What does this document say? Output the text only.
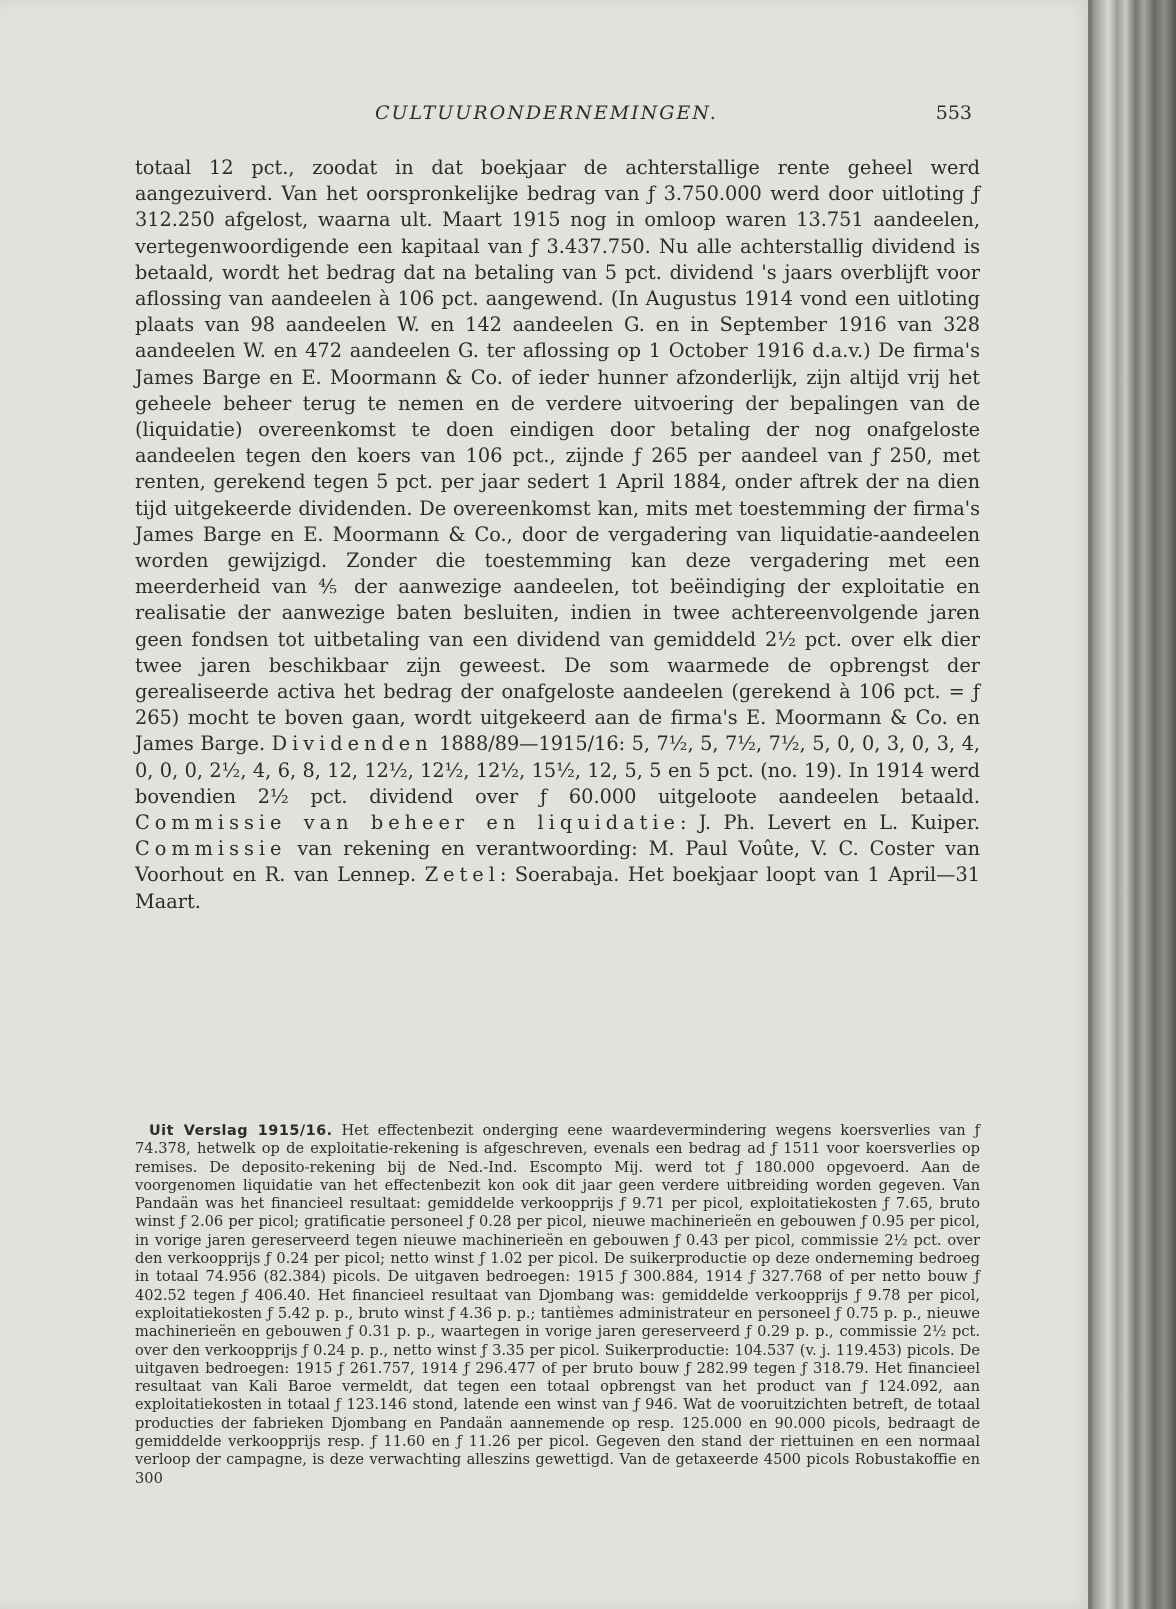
CULTUURONDERNEMINGEN.	553

totaal 12 pct., zoodat in dat boekjaar de achterstallige rente geheel werd aangezuiverd. Van het oorspronkelijke bedrag van ƒ 3.750.000 werd door uitloting ƒ 312.250 afgelost, waarna ult. Maart 1915 nog in omloop waren 13.751 aandeelen, vertegenwoordigende een kapitaal van ƒ 3.437.750. Nu alle achterstallig dividend is betaald, wordt het bedrag dat na betaling van 5 pct. dividend 's jaars overblijft voor aflossing van aandeelen à 106 pct. aangewend. (In Augustus 1914 vond een uitloting plaats van 98 aandeelen W. en 142 aandeelen G. en in September 1916 van 328 aandeelen W. en 472 aandeelen G. ter aflossing op 1 October 1916 d.a.v.) De firma's James Barge en E. Moormann & Co. of ieder hunner afzonderlijk, zijn altijd vrij het geheele beheer terug te nemen en de verdere uitvoering der bepalingen van de (liquidatie) overeenkomst te doen eindigen door betaling der nog onafgeloste aandeelen tegen den koers van 106 pct., zijnde ƒ 265 per aandeel van ƒ 250, met renten, gerekend tegen 5 pct. per jaar sedert 1 April 1884, onder aftrek der na dien tijd uitgekeerde dividenden. De overeenkomst kan, mits met toestemming der firma's James Barge en E. Moormann & Co., door de vergadering van liquidatie-aandeelen worden gewijzigd. Zonder die toestemming kan deze vergadering met een meerderheid van ⅘ der aanwezige aandeelen, tot beëindiging der exploitatie en realisatie der aanwezige baten besluiten, indien in twee achtereenvolgende jaren geen fondsen tot uitbetaling van een dividend van gemiddeld 2½ pct. over elk dier twee jaren beschikbaar zijn geweest. De som waarmede de opbrengst der gerealiseerde activa het bedrag der onafgeloste aandeelen (gerekend à 106 pct. = ƒ 265) mocht te boven gaan, wordt uitgekeerd aan de firma's E. Moormann & Co. en James Barge. Dividenden 1888/89—1915/16: 5, 7½, 5, 7½, 7½, 5, 0, 0, 3, 0, 3, 4, 0, 0, 0, 2½, 4, 6, 8, 12, 12½, 12½, 12½, 15½, 12, 5, 5 en 5 pct. (no. 19). In 1914 werd bovendien 2½ pct. dividend over ƒ 60.000 uitgeloote aandeelen betaald. Commissie van beheer en liquidatie: J. Ph. Levert en L. Kuiper. Commissie van rekening en verantwoording: M. Paul Voûte, V. C. Coster van Voorhout en R. van Lennep. Zetel: Soerabaja. Het boekjaar loopt van 1 April—31 Maart.

Uit Verslag 1915/16. Het effectenbezit onderging eene waardevermindering wegens koersverlies van ƒ 74.378, hetwelk op de exploitatie-rekening is afgeschreven, evenals een bedrag ad ƒ 1511 voor koersverlies op remises. De deposito-rekening bij de Ned.-Ind. Escompto Mij. werd tot ƒ 180.000 opgevoerd. Aan de voorgenomen liquidatie van het effectenbezit kon ook dit jaar geen verdere uitbreiding worden gegeven. Van Pandaän was het financieel resultaat: gemiddelde verkoopprijs ƒ 9.71 per picol, exploitatiekosten ƒ 7.65, bruto winst ƒ 2.06 per picol; gratificatie personeel ƒ 0.28 per picol, nieuwe machinerieën en gebouwen ƒ 0.95 per picol, in vorige jaren gereserveerd tegen nieuwe machinerieën en gebouwen ƒ 0.43 per picol, commissie 2½ pct. over den verkoopprijs ƒ 0.24 per picol; netto winst ƒ 1.02 per picol. De suikerproductie op deze onderneming bedroeg in totaal 74.956 (82.384) picols. De uitgaven bedroegen: 1915 ƒ 300.884, 1914 ƒ 327.768 of per netto bouw ƒ 402.52 tegen ƒ 406.40. Het financieel resultaat van Djombang was: gemiddelde verkoopprijs ƒ 9.78 per picol, exploitatiekosten ƒ 5.42 p. p., bruto winst ƒ 4.36 p. p.; tantièmes administrateur en personeel ƒ 0.75 p. p., nieuwe machinerieën en gebouwen ƒ 0.31 p. p., waartegen in vorige jaren gereserveerd ƒ 0.29 p. p., commissie 2½ pct. over den verkoopprijs ƒ 0.24 p. p., netto winst ƒ 3.35 per picol. Suikerproductie: 104.537 (v. j. 119.453) picols. De uitgaven bedroegen: 1915 ƒ 261.757, 1914 ƒ 296.477 of per bruto bouw ƒ 282.99 tegen ƒ 318.79. Het financieel resultaat van Kali Baroe vermeldt, dat tegen een totaal opbrengst van het product van ƒ 124.092, aan exploitatiekosten in totaal ƒ 123.146 stond, latende een winst van ƒ 946. Wat de vooruitzichten betreft, de totaal producties der fabrieken Djombang en Pandaän aannemende op resp. 125.000 en 90.000 picols, bedraagt de gemiddelde verkoopprijs resp. ƒ 11.60 en ƒ 11.26 per picol. Gegeven den stand der riettuinen en een normaal verloop der campagne, is deze verwachting alleszins gewettigd. Van de getaxeerde 4500 picols Robustakoffie en 300
